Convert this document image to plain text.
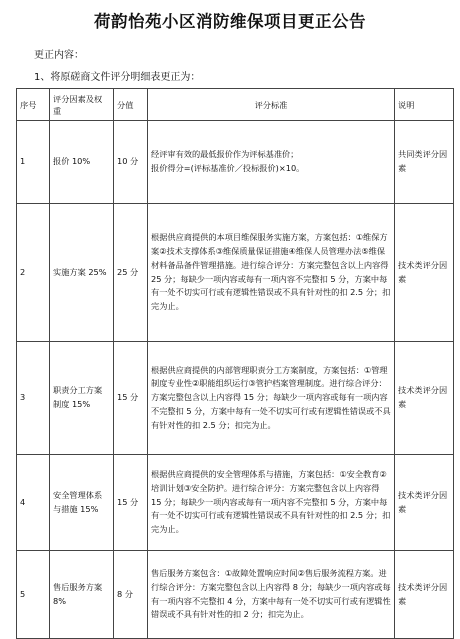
荷韵怡苑小区消防维保项目更正公告
更正内容：
1、将原磋商文件评分明细表更正为：
序号	评分因素及权重	分值	评分标准	说明
1	报价 10%	10 分	经评审有效的最低报价作为评标基准价；
报价得分=(评标基准价／投标报价)×10。	共同类评分因素
2	实施方案 25%	25 分	根据供应商提供的本项目维保服务实施方案，方案包括：①维保方案②技术支撑体系③维保质量保证措施④维保人员管理办法⑤维保材料备品备件管理措施。进行综合评分：方案完整包含以上内容得 25 分；每缺少一项内容或每有一项内容不完整扣 5 分，方案中每有一处不切实可行或有逻辑性错误或不具有针对性的扣 2.5 分；扣完为止。	技术类评分因素
3	职责分工方案制度 15%	15 分	根据供应商提供的内部管理职责分工方案制度，方案包括：①管理制度专业性②职能组织运行③管护档案管理制度。进行综合评分：方案完整包含以上内容得 15 分；每缺少一项内容或每有一项内容不完整扣 5 分，方案中每有一处不切实可行或有逻辑性错误或不具有针对性的扣 2.5 分；扣完为止。	技术类评分因素
4	安全管理体系与措施 15%	15 分	根据供应商提供的安全管理体系与措施，方案包括：①安全教育②培训计划③安全防护。进行综合评分：方案完整包含以上内容得 15 分；每缺少一项内容或每有一项内容不完整扣 5 分，方案中每有一处不切实可行或有逻辑性错误或不具有针对性的扣 2.5 分；扣完为止。	技术类评分因素
5	售后服务方案 8%	8 分	售后服务方案包含：①故障处置响应时间②售后服务流程方案。进行综合评分：方案完整包含以上内容得 8 分；每缺少一项内容或每有一项内容不完整扣 4 分，方案中每有一处不切实可行或有逻辑性错误或不具有针对性的扣 2 分；扣完为止。	技术类评分因素
